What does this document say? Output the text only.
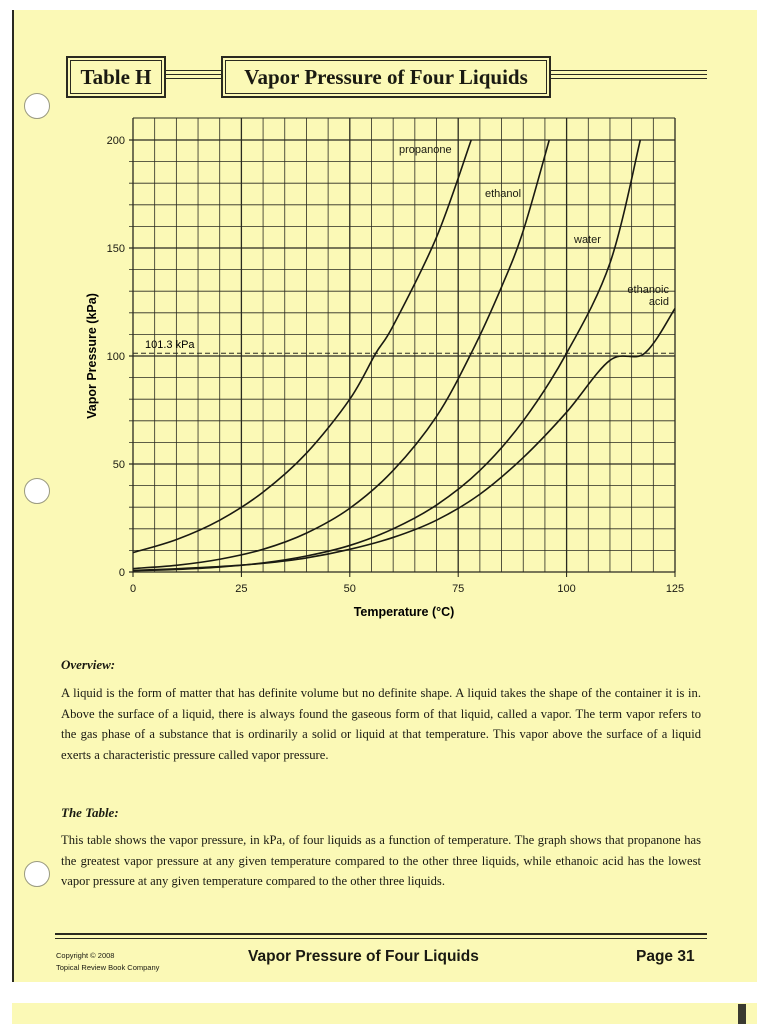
Table H	Vapor Pressure of Four Liquids
101.3 kPa
propanone
ethanol
water
ethanoic
acid
0	25	50	75	100	125
0
50
100
150
200
Temperature (°C)
Vapor Pressure (kPa)
Overview:
A liquid is the form of matter that has definite volume but no definite shape. A liquid takes the shape of the container it is in. Above the surface of a liquid, there is always found the gaseous form of that liquid, called a vapor. The term vapor refers to the gas phase of a substance that is ordinarily a solid or liquid at that temperature. This vapor above the surface of a liquid exerts a characteristic pressure called vapor pressure.
The Table:
This table shows the vapor pressure, in kPa, of four liquids as a function of temperature. The graph shows that propanone has the greatest vapor pressure at any given temperature compared to the other three liquids, while ethanoic acid has the lowest vapor pressure at any given temperature compared to the other three liquids.
Copyright © 2008
Topical Review Book Company
Vapor Pressure of Four Liquids	Page 31
